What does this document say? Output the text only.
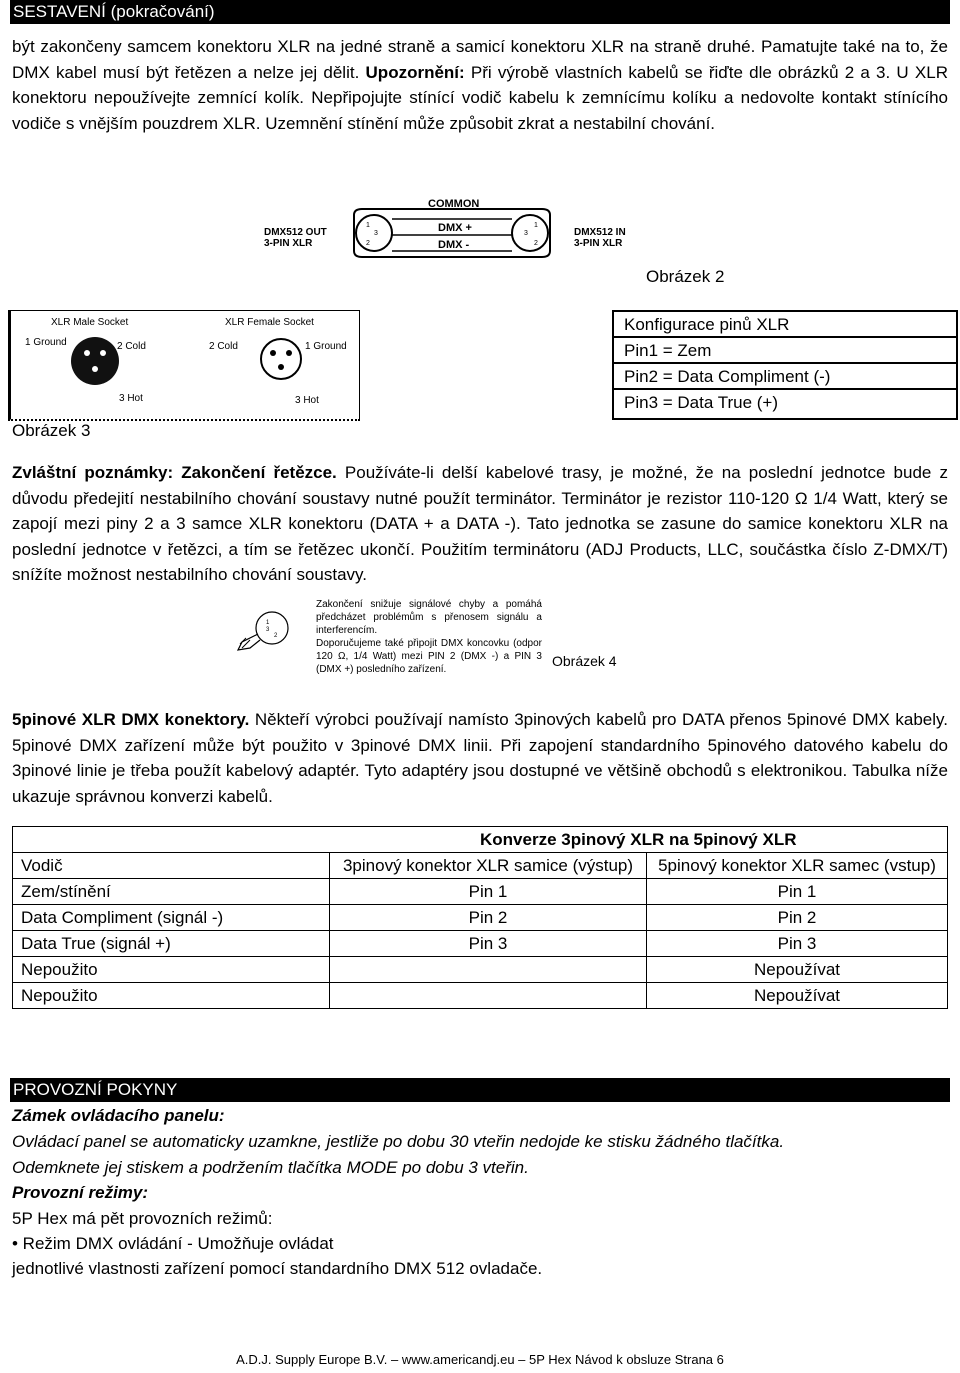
SESTAVENÍ (pokračování)
být zakončeny samcem konektoru XLR na jedné straně a samicí konektoru XLR na straně druhé. Pamatujte také na to, že DMX kabel musí být řetězen a nelze jej dělit. Upozornění: Při výrobě vlastních kabelů se řiďte dle obrázků 2 a 3. U XLR konektoru nepoužívejte zemnící kolík. Nepřipojujte stínící vodič kabelu k zemnícímu kolíku a nedovolte kontakt stínícího vodiče s vnějším pouzdrem XLR. Uzemnění stínění může způsobit zkrat a nestabilní chování.
COMMON
DMX512 OUT
3-PIN XLR
1
3
2
1
3
2
DMX +
DMX -
DMX512 IN
3-PIN XLR
Obrázek 2
XLR Male Socket	XLR Female Socket
1 Ground	2 Cold
3 Hot
2 Cold	1 Ground
3 Hot
Obrázek 3
Konfigurace pinů XLR
Pin1 = Zem
Pin2 = Data Compliment (-)
Pin3 = Data True (+)
Zvláštní poznámky: Zakončení řetězce. Používáte-li delší kabelové trasy, je možné, že na poslední jednotce bude z důvodu předejití nestabilního chování soustavy nutné použít terminátor. Terminátor je rezistor 110-120 Ω 1/4 Watt, který se zapojí mezi piny 2 a 3 samce XLR konektoru (DATA + a DATA -). Tato jednotka se zasune do samice konektoru XLR na poslední jednotce v řetězci, a tím se řetězec ukončí. Použitím terminátoru (ADJ Products, LLC, součástka číslo Z-DMX/T) snížíte možnost nestabilního chování soustavy.
1
3
2
Zakončení snižuje signálové chyby a pomáhá předcházet problémům s přenosem signálu a interferencím.
Doporučujeme také připojit DMX koncovku (odpor 120 Ω, 1/4 Watt) mezi PIN 2 (DMX -) a PIN 3 (DMX +) posledního zařízení.
Obrázek 4
5pinové XLR DMX konektory. Někteří výrobci používají namísto 3pinových kabelů pro DATA přenos 5pinové DMX kabely. 5pinové DMX zařízení může být použito v 3pinové DMX linii. Při zapojení standardního 5pinového datového kabelu do 3pinové linie je třeba použít kabelový adaptér. Tyto adaptéry jsou dostupné ve většině obchodů s elektronikou. Tabulka níže ukazuje správnou konverzi kabelů.
	Konverze 3pinový XLR na 5pinový XLR	
Vodič	3pinový konektor XLR samice (výstup)	5pinový konektor XLR samec (vstup)
Zem/stínění	Pin 1	Pin 1
Data Compliment (signál -)	Pin 2	Pin 2
Data True (signál +)	Pin 3	Pin 3
Nepoužito		Nepoužívat
Nepoužito		Nepoužívat
PROVOZNÍ POKYNY
Zámek ovládacího panelu:
Ovládací panel se automaticky uzamkne, jestliže po dobu 30 vteřin nedojde ke stisku žádného tlačítka.
Odemknete jej stiskem a podržením tlačítka MODE po dobu 3 vteřin.
Provozní režimy:
5P Hex má pět provozních režimů:
• Režim DMX ovládání - Umožňuje ovládat
jednotlivé vlastnosti zařízení pomocí standardního DMX 512 ovladače.
A.D.J. Supply Europe B.V. – www.americandj.eu – 5P Hex Návod k obsluze Strana 6
